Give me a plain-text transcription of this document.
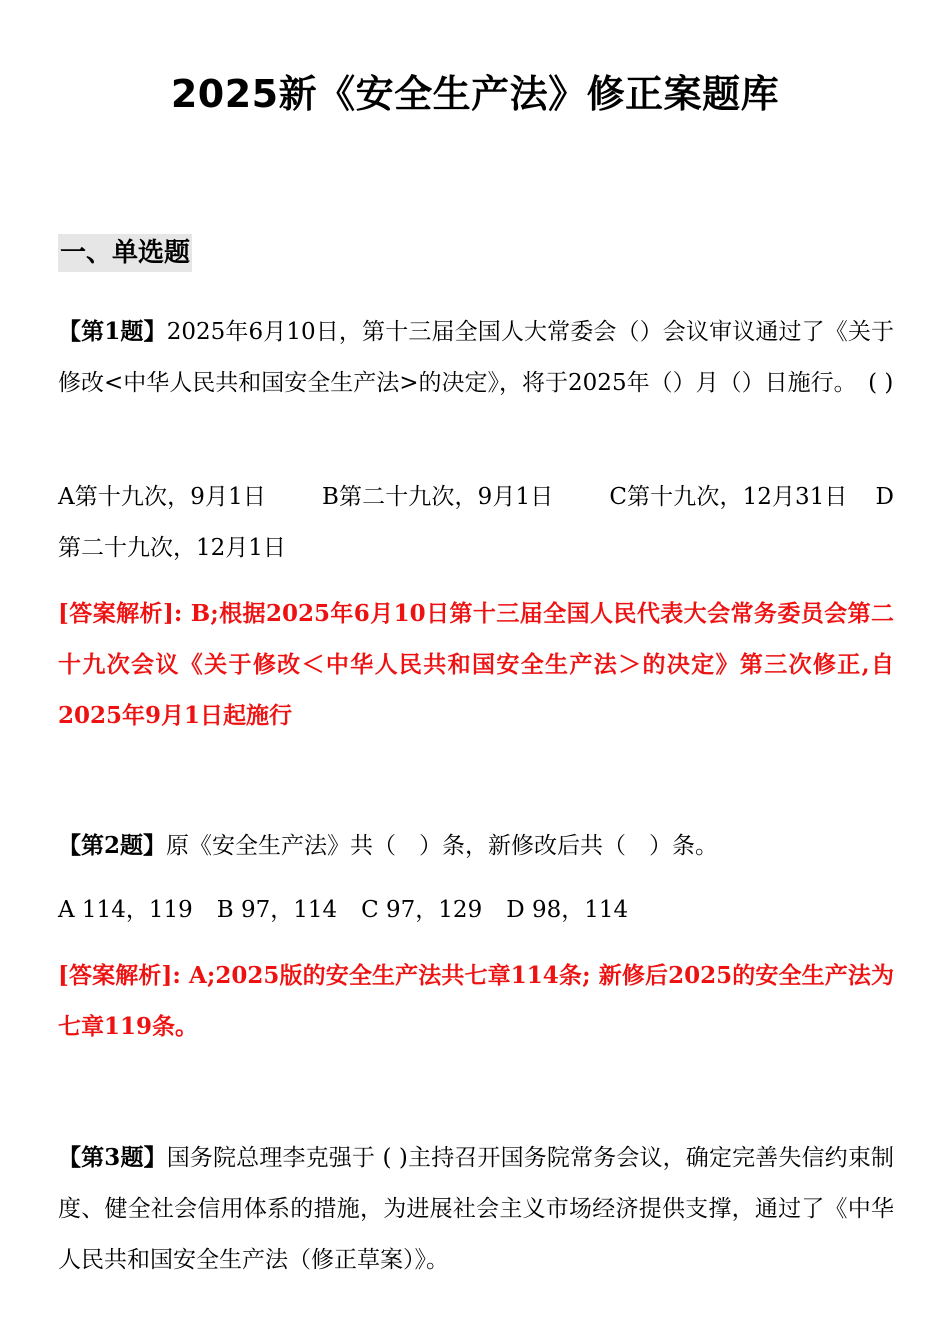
2025新《安全生产法》修正案题库
一、单选题

【第1题】2025年6月10日，第十三届全国人大常委会（）会议审议通过了《关于修改<中华人民共和国安全生产法>的决定》，将于2025年（）月（）日施行。　( )

A第十九次，9月1日 B第二十九次，9月1日 C第十九次，12月31日 D第二十九次，12月1日

[答案解析]: B;根据2025年6月10日第十三届全国人民代表大会常务委员会第二十九次会议《关于修改＜中华人民共和国安全生产法＞的决定》第三次修正,自2025年9月1日起施行

【第2题】原《安全生产法》共（　）条，新修改后共（　）条。

A 114，119 B 97，114 C 97，129 D 98，114

[答案解析]: A;2025版的安全生产法共七章114条; 新修后2025的安全生产法为七章119条。

【第3题】国务院总理李克强于 ( )主持召开国务院常务会议，确定完善失信约束制度、健全社会信用体系的措施，为进展社会主义市场经济提供支撑，通过了《中华人民共和国安全生产法（修正草案）》。
